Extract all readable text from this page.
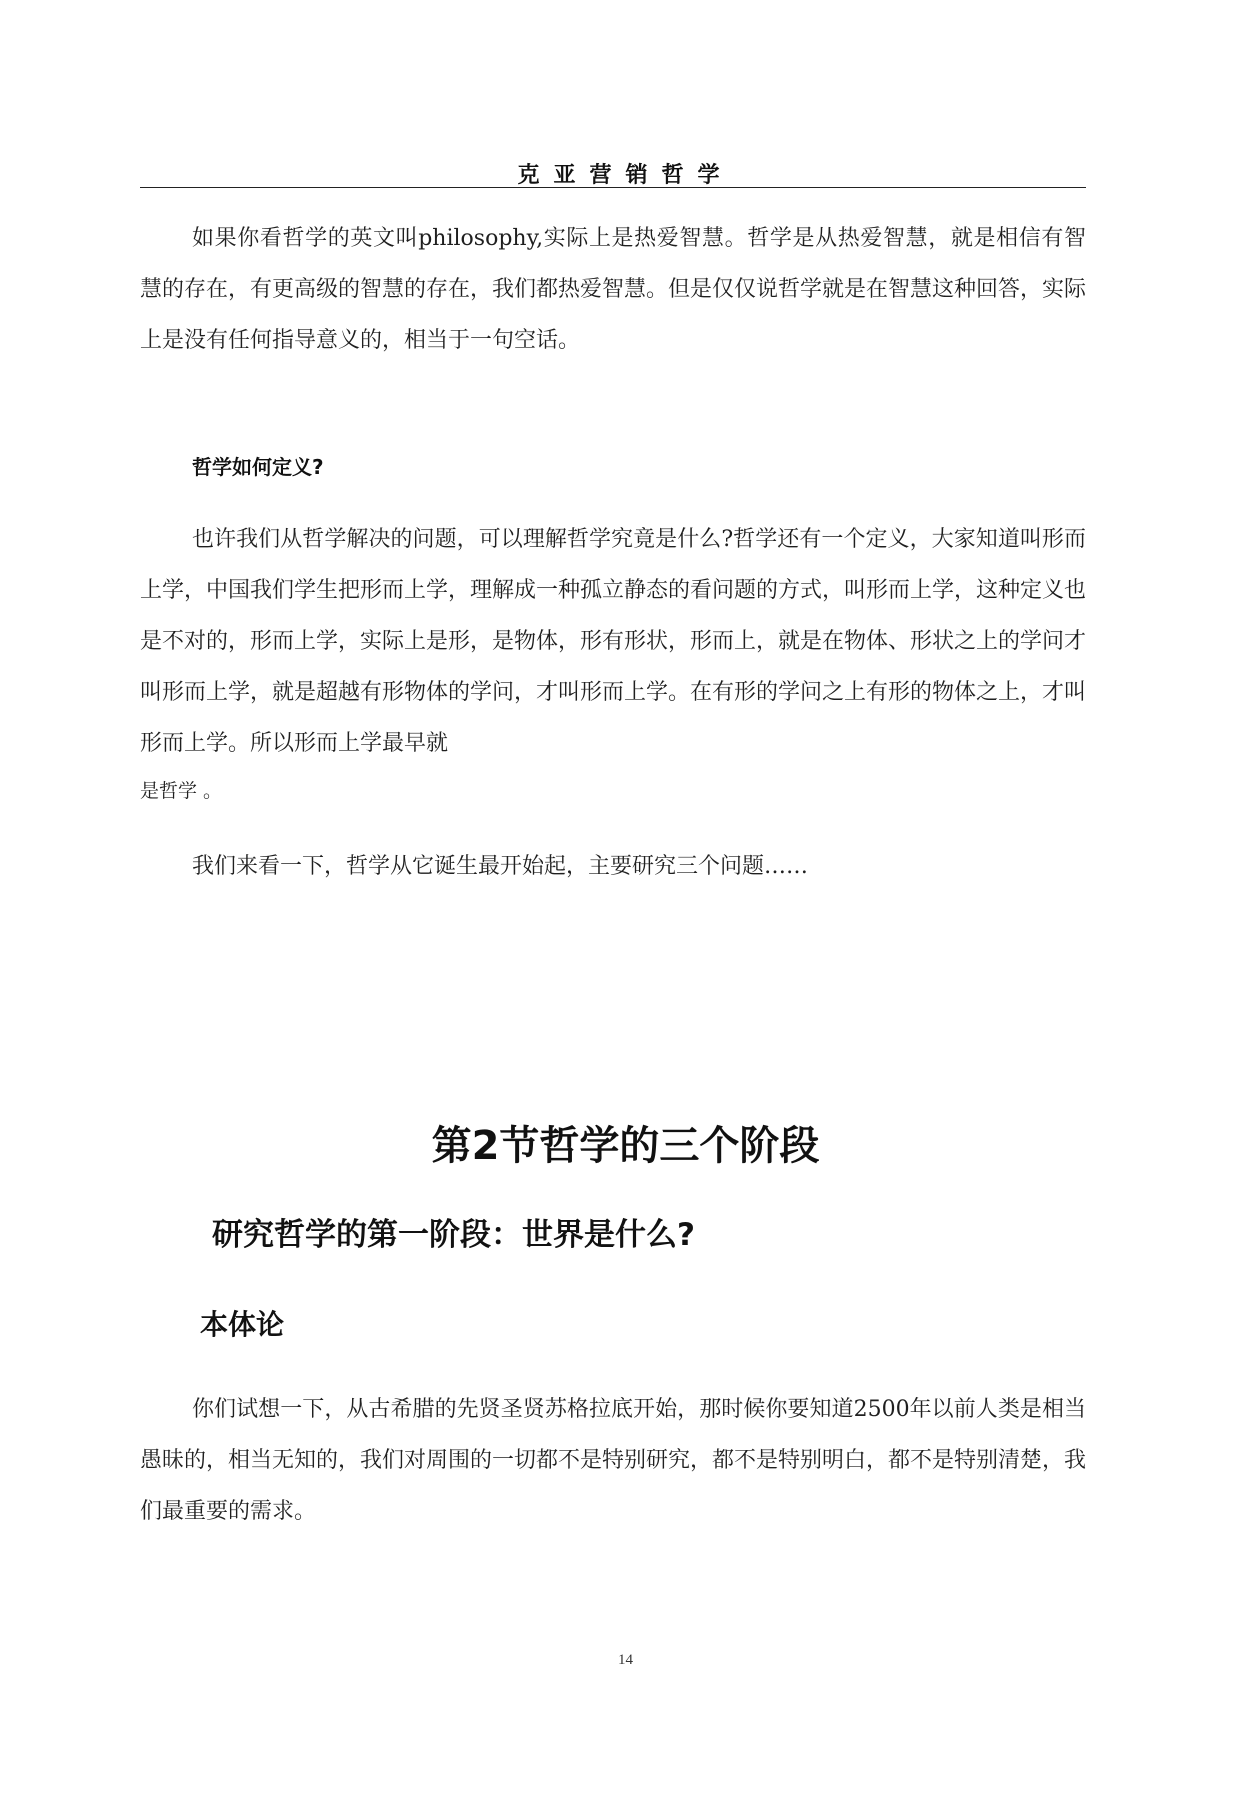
克亚营销哲学

如果你看哲学的英文叫philosophy,实际上是热爱智慧。哲学是从热爱智慧，就是相信有智慧的存在，有更高级的智慧的存在，我们都热爱智慧。但是仅仅说哲学就是在智慧这种回答，实际上是没有任何指导意义的，相当于一句空话。

哲学如何定义?

也许我们从哲学解决的问题，可以理解哲学究竟是什么?哲学还有一个定义，大家知道叫形而上学，中国我们学生把形而上学，理解成一种孤立静态的看问题的方式，叫形而上学，这种定义也是不对的，形而上学，实际上是形，是物体，形有形状，形而上，就是在物体、形状之上的学问才叫形而上学，就是超越有形物体的学问，才叫形而上学。在有形的学问之上有形的物体之上，才叫形而上学。所以形而上学最早就
是哲学 。

我们来看一下，哲学从它诞生最开始起，主要研究三个问题……

第2节哲学的三个阶段
研究哲学的第一阶段：世界是什么?
本体论

你们试想一下，从古希腊的先贤圣贤苏格拉底开始，那时候你要知道2500年以前人类是相当愚昧的，相当无知的，我们对周围的一切都不是特别研究，都不是特别明白，都不是特别清楚，我们最重要的需求。

14
